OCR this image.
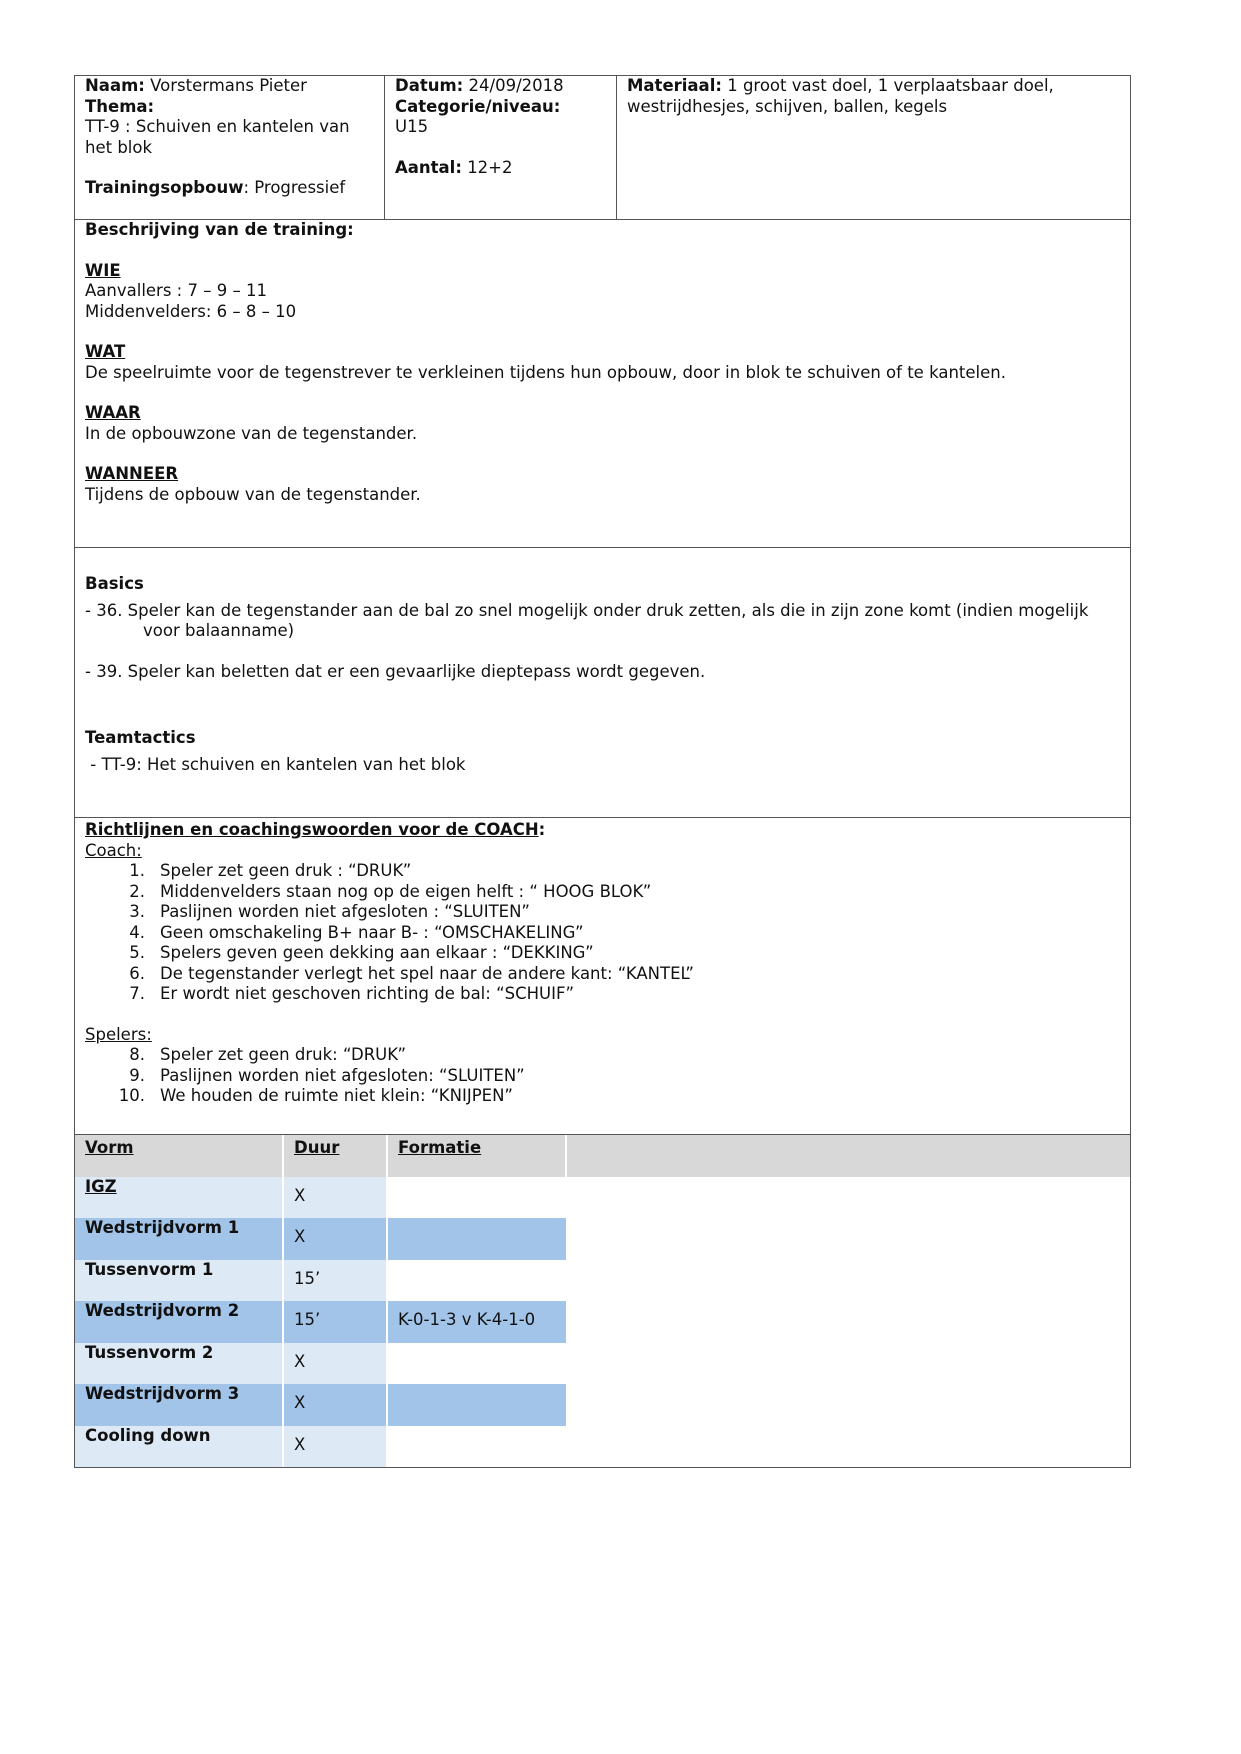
Naam: Vorstermans Pieter

Thema:

TT-9 : Schuiven en kantelen van

het blok

Trainingsopbouw: Progressief

Datum: 24/09/2018

Categorie/niveau:

U15

Aantal: 12+2

Materiaal: 1 groot vast doel, 1 verplaatsbaar doel,

westrijdhesjes, schijven, ballen, kegels

Beschrijving van de training:

WIE

Aanvallers : 7 – 9 – 11

Middenvelders: 6 – 8 – 10

WAT

De speelruimte voor de tegenstrever te verkleinen tijdens hun opbouw, door in blok te schuiven of te kantelen.

WAAR

In de opbouwzone van de tegenstander.

WANNEER

Tijdens de opbouw van de tegenstander.

Basics

- 36. Speler kan de tegenstander aan de bal zo snel mogelijk onder druk zetten, als die in zijn zone komt (indien mogelijk

voor balaanname)

- 39. Speler kan beletten dat er een gevaarlijke dieptepass wordt gegeven.

Teamtactics

- TT-9: Het schuiven en kantelen van het blok

Richtlijnen en coachingswoorden voor de COACH:

Coach:

1. Speler zet geen druk : “DRUK”
2. Middenvelders staan nog op de eigen helft : “ HOOG BLOK”
3. Paslijnen worden niet afgesloten : “SLUITEN”
4. Geen omschakeling B+ naar B- : “OMSCHAKELING”
5. Spelers geven geen dekking aan elkaar : “DEKKING”
6. De tegenstander verlegt het spel naar de andere kant: “KANTEL”
7. Er wordt niet geschoven richting de bal: “SCHUIF”

Spelers:

8. Speler zet geen druk: “DRUK”
9. Paslijnen worden niet afgesloten: “SLUITEN”
10. We houden de ruimte niet klein: “KNIJPEN”
Vorm	Duur	Formatie	
IGZ	X		
Wedstrijdvorm 1	X		
Tussenvorm 1	15’		
Wedstrijdvorm 2	15’	K-0-1-3 v K-4-1-0	
Tussenvorm 2	X		
Wedstrijdvorm 3	X		
Cooling down	X		
